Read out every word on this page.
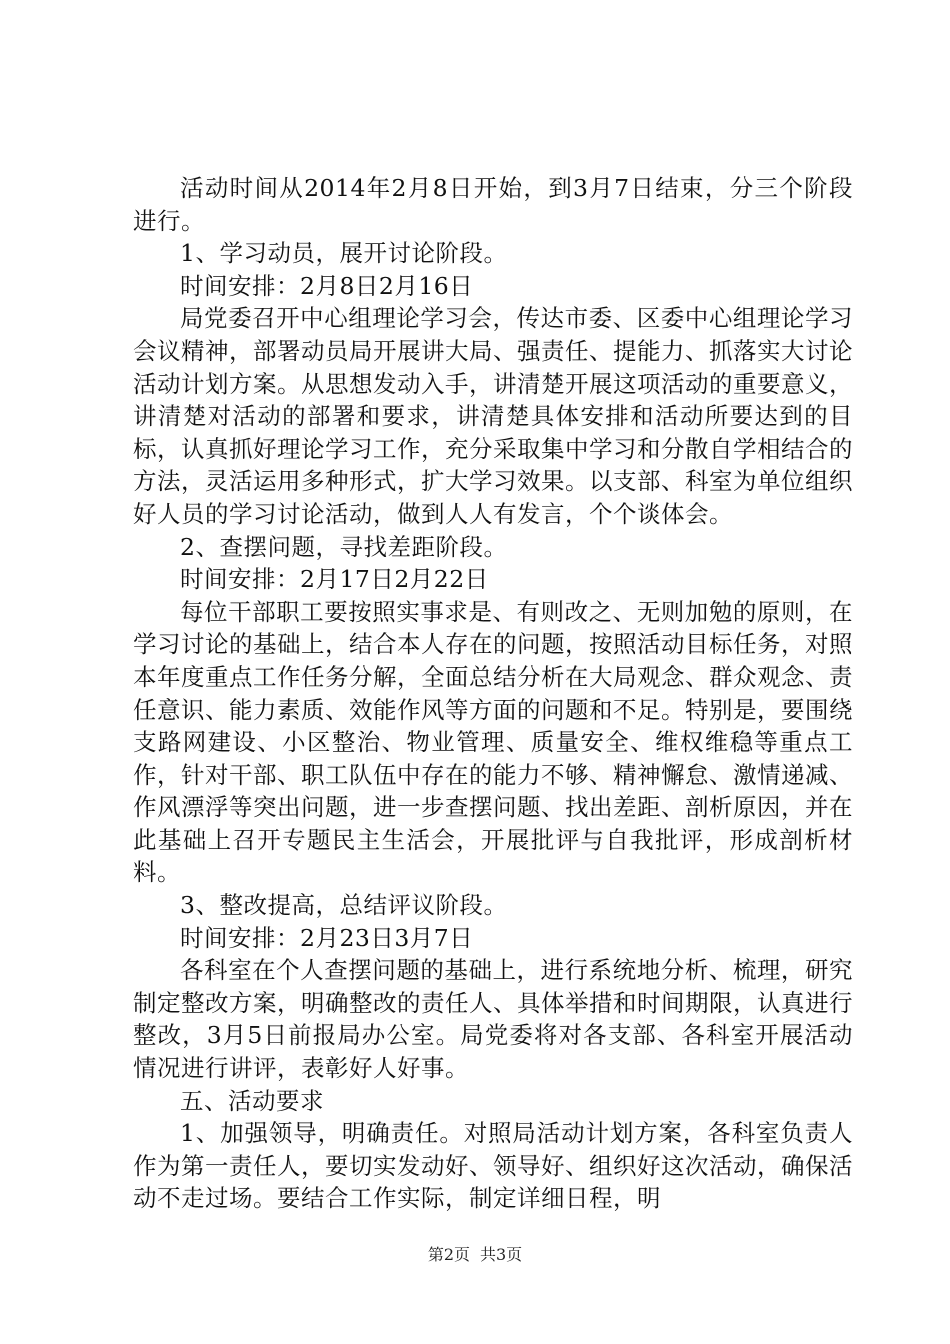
活动时间从2014年2月8日开始，到3月7日结束，分三个阶段进行。

1、学习动员，展开讨论阶段。

时间安排：2月8日2月16日

局党委召开中心组理论学习会，传达市委、区委中心组理论学习会议精神，部署动员局开展讲大局、强责任、提能力、抓落实大讨论活动计划方案。从思想发动入手，讲清楚开展这项活动的重要意义，讲清楚对活动的部署和要求，讲清楚具体安排和活动所要达到的目标，认真抓好理论学习工作，充分采取集中学习和分散自学相结合的方法，灵活运用多种形式，扩大学习效果。以支部、科室为单位组织好人员的学习讨论活动，做到人人有发言，个个谈体会。

2、查摆问题，寻找差距阶段。

时间安排：2月17日2月22日

每位干部职工要按照实事求是、有则改之、无则加勉的原则，在学习讨论的基础上，结合本人存在的问题，按照活动目标任务，对照本年度重点工作任务分解，全面总结分析在大局观念、群众观念、责任意识、能力素质、效能作风等方面的问题和不足。特别是，要围绕支路网建设、小区整治、物业管理、质量安全、维权维稳等重点工作，针对干部、职工队伍中存在的能力不够、精神懈怠、激情递减、作风漂浮等突出问题，进一步查摆问题、找出差距、剖析原因，并在此基础上召开专题民主生活会，开展批评与自我批评，形成剖析材料。

3、整改提高，总结评议阶段。

时间安排：2月23日3月7日

各科室在个人查摆问题的基础上，进行系统地分析、梳理，研究制定整改方案，明确整改的责任人、具体举措和时间期限，认真进行整改，3月5日前报局办公室。局党委将对各支部、各科室开展活动情况进行讲评，表彰好人好事。

五、活动要求

1、加强领导，明确责任。对照局活动计划方案，各科室负责人作为第一责任人，要切实发动好、领导好、组织好这次活动，确保活动不走过场。要结合工作实际，制定详细日程，明

第2页 共3页
